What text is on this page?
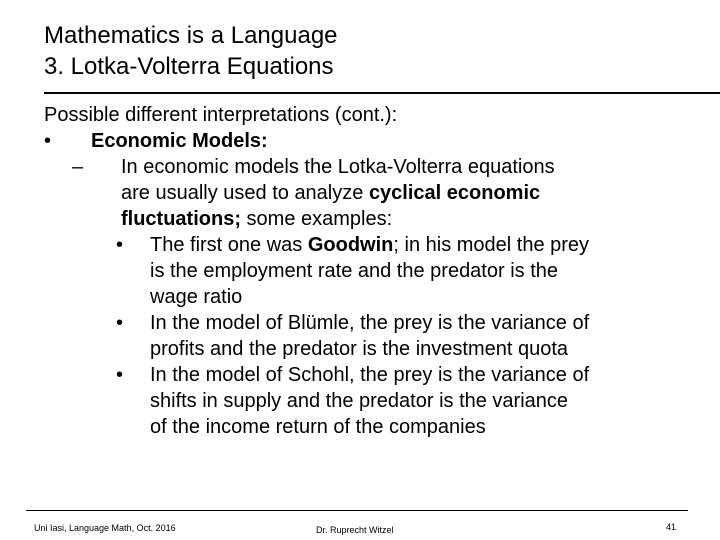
Mathematics is a Language
3. Lotka-Volterra Equations
Possible different interpretations (cont.):
• Economic Models:
– In economic models the Lotka-Volterra equations
are usually used to analyze cyclical economic
fluctuations; some examples:
• The first one was Goodwin; in his model the prey
is the employment rate and the predator is the
wage ratio
• In the model of Blümle, the prey is the variance of
profits and the predator is the investment quota
• In the model of Schohl, the prey is the variance of
shifts in supply and the predator is the variance
of the income return of the companies
Uni Iasi, Language Math, Oct. 2016	Dr. Ruprecht Witzel	41
